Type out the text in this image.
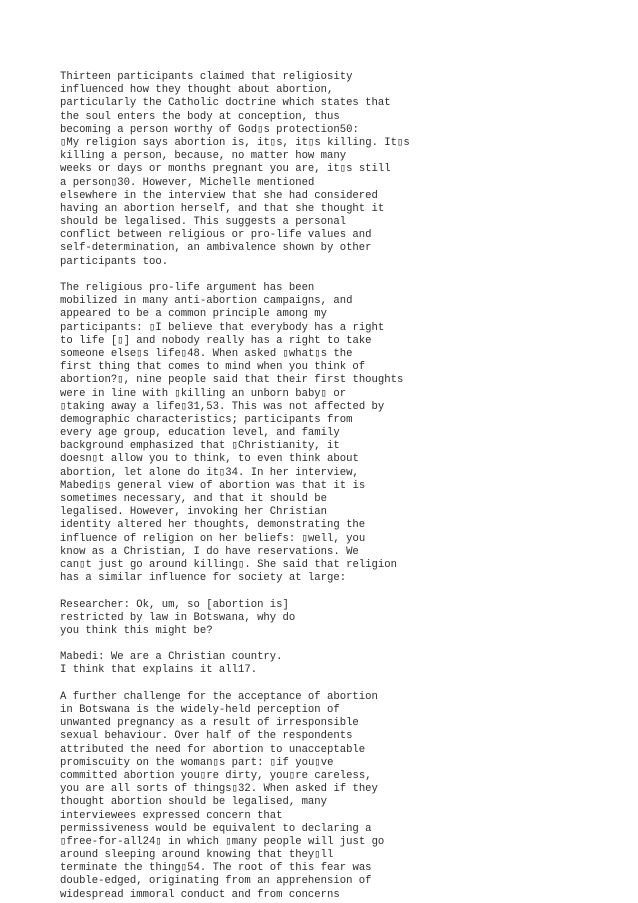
Thirteen participants claimed that religiosity
influenced how they thought about abortion,
particularly the Catholic doctrine which states that
the soul enters the body at conception, thus
becoming a person worthy of God▯s protection50:
▯My religion says abortion is, it▯s, it▯s killing. It▯s
killing a person, because, no matter how many
weeks or days or months pregnant you are, it▯s still
a person▯30. However, Michelle mentioned
elsewhere in the interview that she had considered
having an abortion herself, and that she thought it
should be legalised. This suggests a personal
conflict between religious or pro-life values and
self-determination, an ambivalence shown by other
participants too.
The religious pro-life argument has been
mobilized in many anti-abortion campaigns, and
appeared to be a common principle among my
participants: ▯I believe that everybody has a right
to life [▯] and nobody really has a right to take
someone else▯s life▯48. When asked ▯what▯s the
first thing that comes to mind when you think of
abortion?▯, nine people said that their first thoughts
were in line with ▯killing an unborn baby▯ or
▯taking away a life▯31,53. This was not affected by
demographic characteristics; participants from
every age group, education level, and family
background emphasized that ▯Christianity, it
doesn▯t allow you to think, to even think about
abortion, let alone do it▯34. In her interview,
Mabedi▯s general view of abortion was that it is
sometimes necessary, and that it should be
legalised. However, invoking her Christian
identity altered her thoughts, demonstrating the
influence of religion on her beliefs: ▯well, you
know as a Christian, I do have reservations. We
can▯t just go around killing▯. She said that religion
has a similar influence for society at large:
Researcher: Ok, um, so [abortion is]
restricted by law in Botswana, why do
you think this might be?
Mabedi: We are a Christian country.
I think that explains it all17.
A further challenge for the acceptance of abortion
in Botswana is the widely-held perception of
unwanted pregnancy as a result of irresponsible
sexual behaviour. Over half of the respondents
attributed the need for abortion to unacceptable
promiscuity on the woman▯s part: ▯if you▯ve
committed abortion you▯re dirty, you▯re careless,
you are all sorts of things▯32. When asked if they
thought abortion should be legalised, many
interviewees expressed concern that
permissiveness would be equivalent to declaring a
▯free-for-all24▯ in which ▯many people will just go
around sleeping around knowing that they▯ll
terminate the thing▯54. The root of this fear was
double-edged, originating from an apprehension of
widespread immoral conduct and from concerns
